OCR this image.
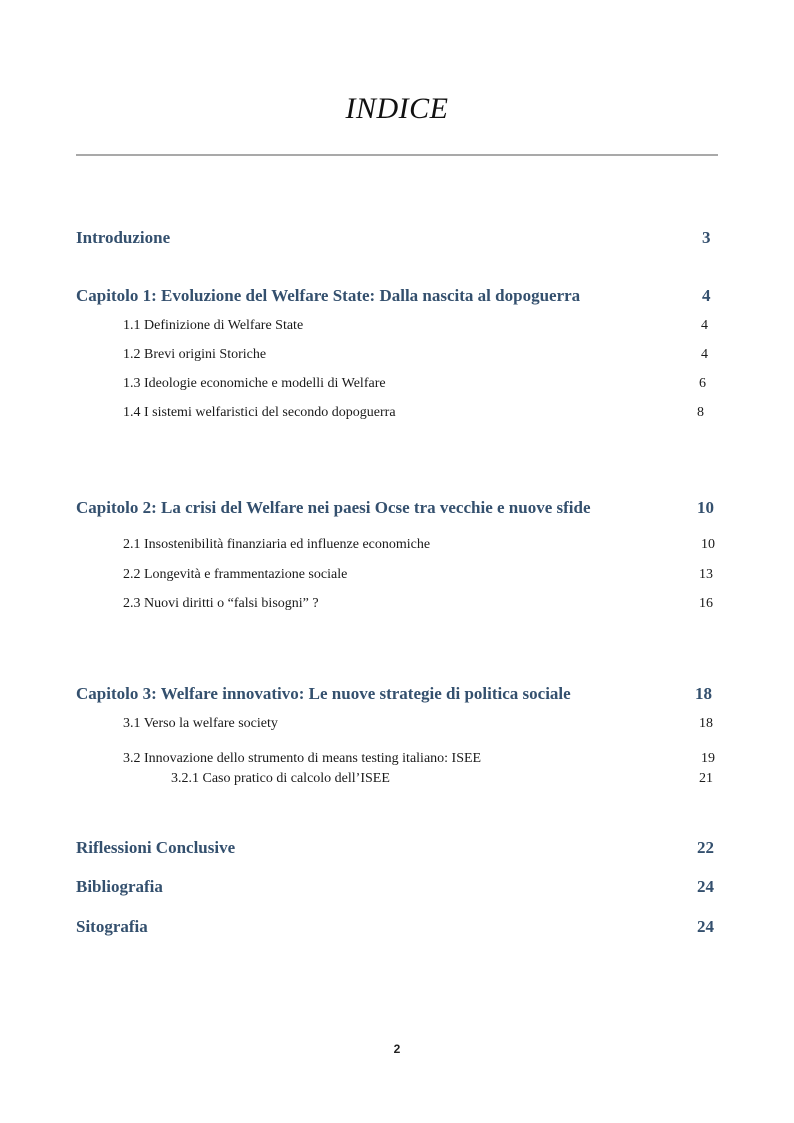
INDICE
Introduzione	3
Capitolo 1: Evoluzione del Welfare State: Dalla nascita al dopoguerra	4
1.1 Definizione di Welfare State	4
1.2 Brevi origini Storiche	4
1.3 Ideologie economiche e modelli di Welfare	6
1.4 I sistemi welfaristici del secondo dopoguerra	8
Capitolo 2: La crisi del Welfare nei paesi Ocse tra vecchie e nuove sfide	10
2.1 Insostenibilità finanziaria ed influenze economiche	10
2.2 Longevità e frammentazione sociale	13
2.3 Nuovi diritti o “falsi bisogni” ?	16
Capitolo 3: Welfare innovativo: Le nuove strategie di politica sociale	18
3.1 Verso la welfare society	18
3.2 Innovazione dello strumento di means testing italiano: ISEE	19
3.2.1 Caso pratico di calcolo dell’ISEE	21
Riflessioni Conclusive	22
Bibliografia	24
Sitografia	24
2
